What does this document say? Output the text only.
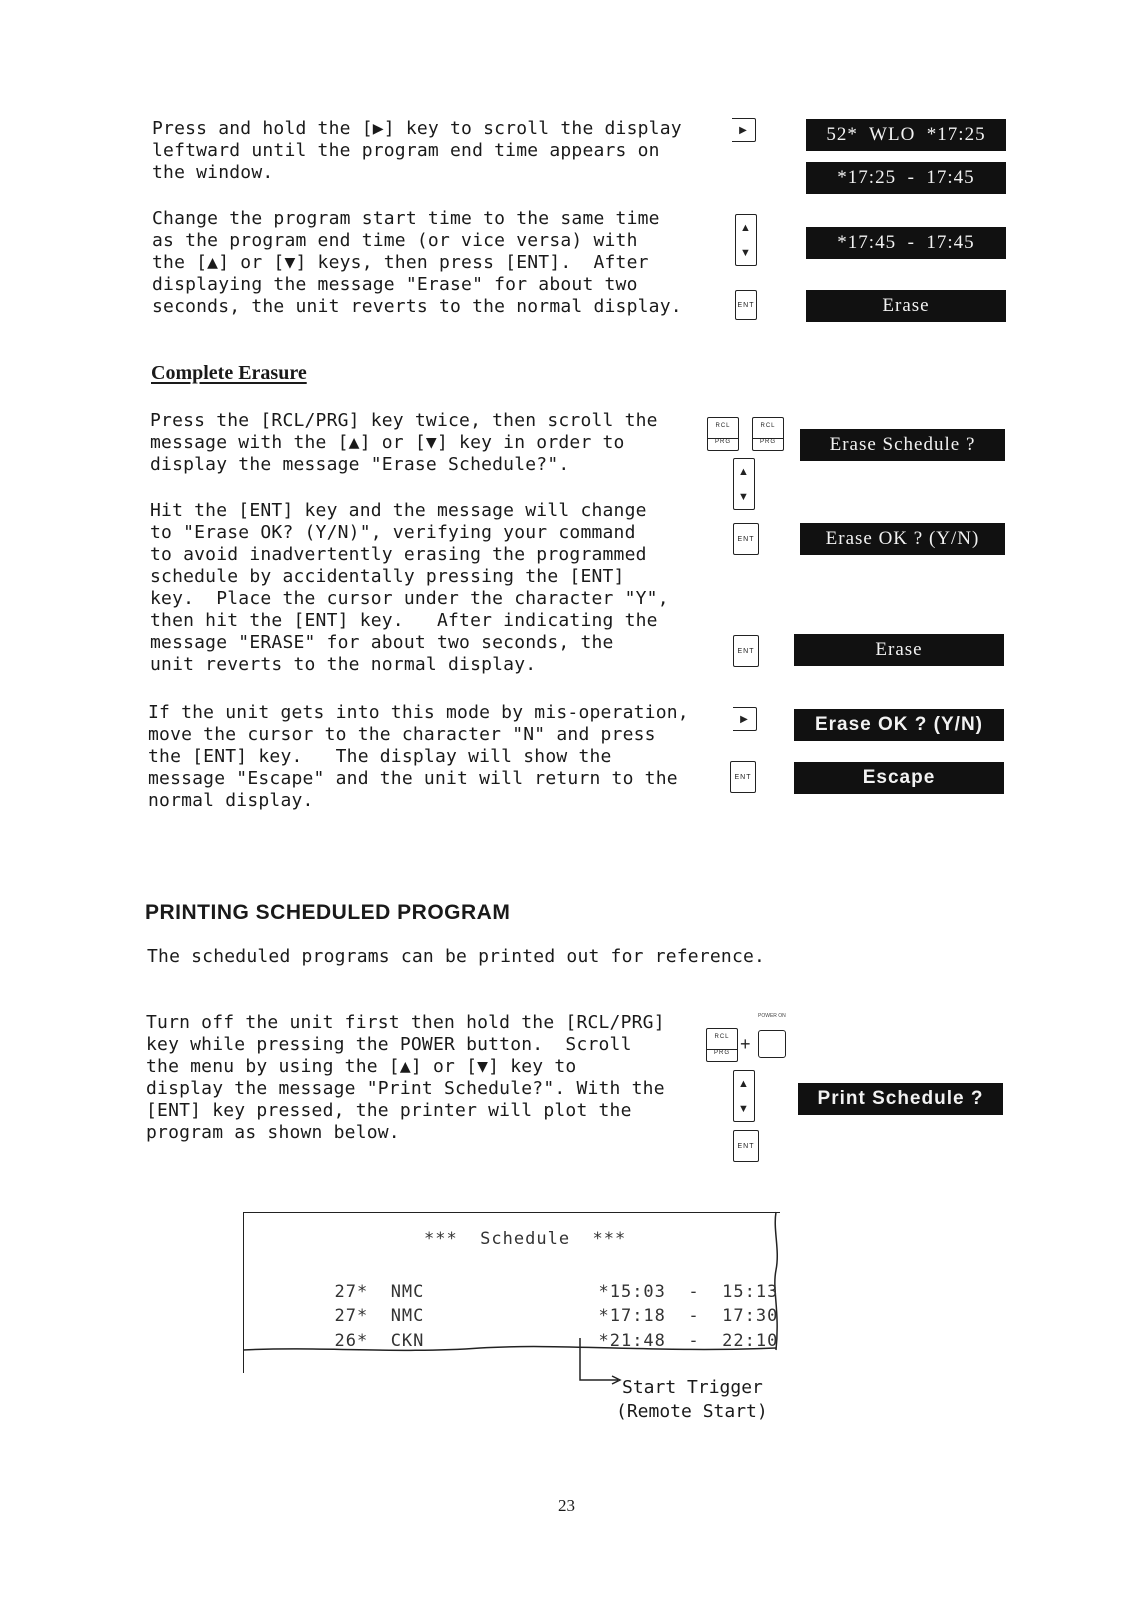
Press and hold the [▶] key to scroll the display
leftward until the program end time appears on
the window.

Change the program start time to the same time
as the program end time (or vice versa) with
the [▲] or [▼] keys, then press [ENT].  After
displaying the message "Erase" for about two
seconds, the unit reverts to the normal display.

▶
▲
▼
ENT
52*  WLO  *17:25
*17:25  -  17:45
*17:45  -  17:45
Erase
Complete Erasure

Press the [RCL/PRG] key twice, then scroll the
message with the [▲] or [▼] key in order to
display the message "Erase Schedule?".

Hit the [ENT] key and the message will change
to "Erase OK? (Y/N)", verifying your command
to avoid inadvertently erasing the programmed
schedule by accidentally pressing the [ENT]
key.  Place the cursor under the character "Y",
then hit the [ENT] key.   After indicating the
message "ERASE" for about two seconds, the
unit reverts to the normal display.

If the unit gets into this mode by mis-operation,
move the cursor to the character "N" and press
the [ENT] key.   The display will show the
message "Escape" and the unit will return to the
normal display.

RCL
PRG
RCL
PRG
▲
▼
ENT
ENT
▶
ENT
Erase Schedule ?
Erase OK ? (Y/N)
Erase
Erase OK ? (Y/N)
Escape
PRINTING SCHEDULED PROGRAM

The scheduled programs can be printed out for reference.

Turn off the unit first then hold the [RCL/PRG]
key while pressing the POWER button.  Scroll
the menu by using the [▲] or [▼] key to
display the message "Print Schedule?". With the
[ENT] key pressed, the printer will plot the
program as shown below.

POWER ON
RCL
PRG +
▲
▼
ENT
Print Schedule ?
***  Schedule  ***

27* NMC	*15:03 - 15:13

27* NMC	*17:18 - 17:30

26* CKN	*21:48 - 22:10

Start Trigger
(Remote Start)
23
